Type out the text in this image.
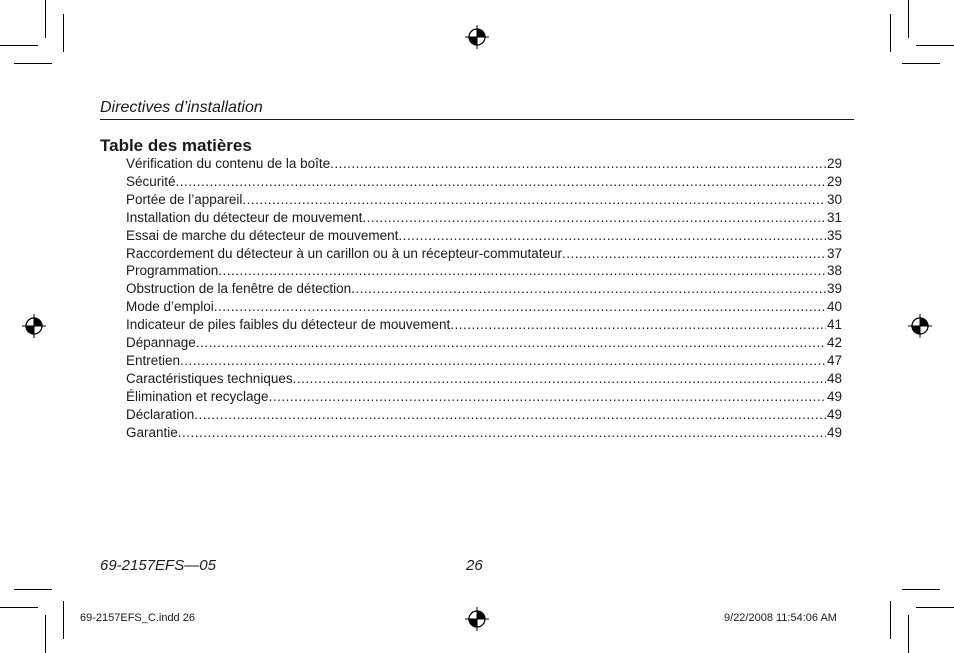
Directives d’installation
Table des matières
Vérification du contenu de la boîte .....	29
Sécurité .....	29
Portée de l’appareil .....	30
Installation du détecteur de mouvement .....	31
Essai de marche du détecteur de mouvement .....	35
Raccordement du détecteur à un carillon ou à un récepteur-commutateur .....	37
Programmation .....	38
Obstruction de la fenêtre de détection .....	39
Mode d’emploi .....	40
Indicateur de piles faibles du détecteur de mouvement .....	41
Dépannage .....	42
Entretien .....	47
Caractéristiques techniques .....	48
Élimination et recyclage .....	49
Déclaration .....	49
Garantie .....	49
69-2157EFS—05	26
69-2157EFS_C.indd 26	9/22/2008 11:54:06 AM
